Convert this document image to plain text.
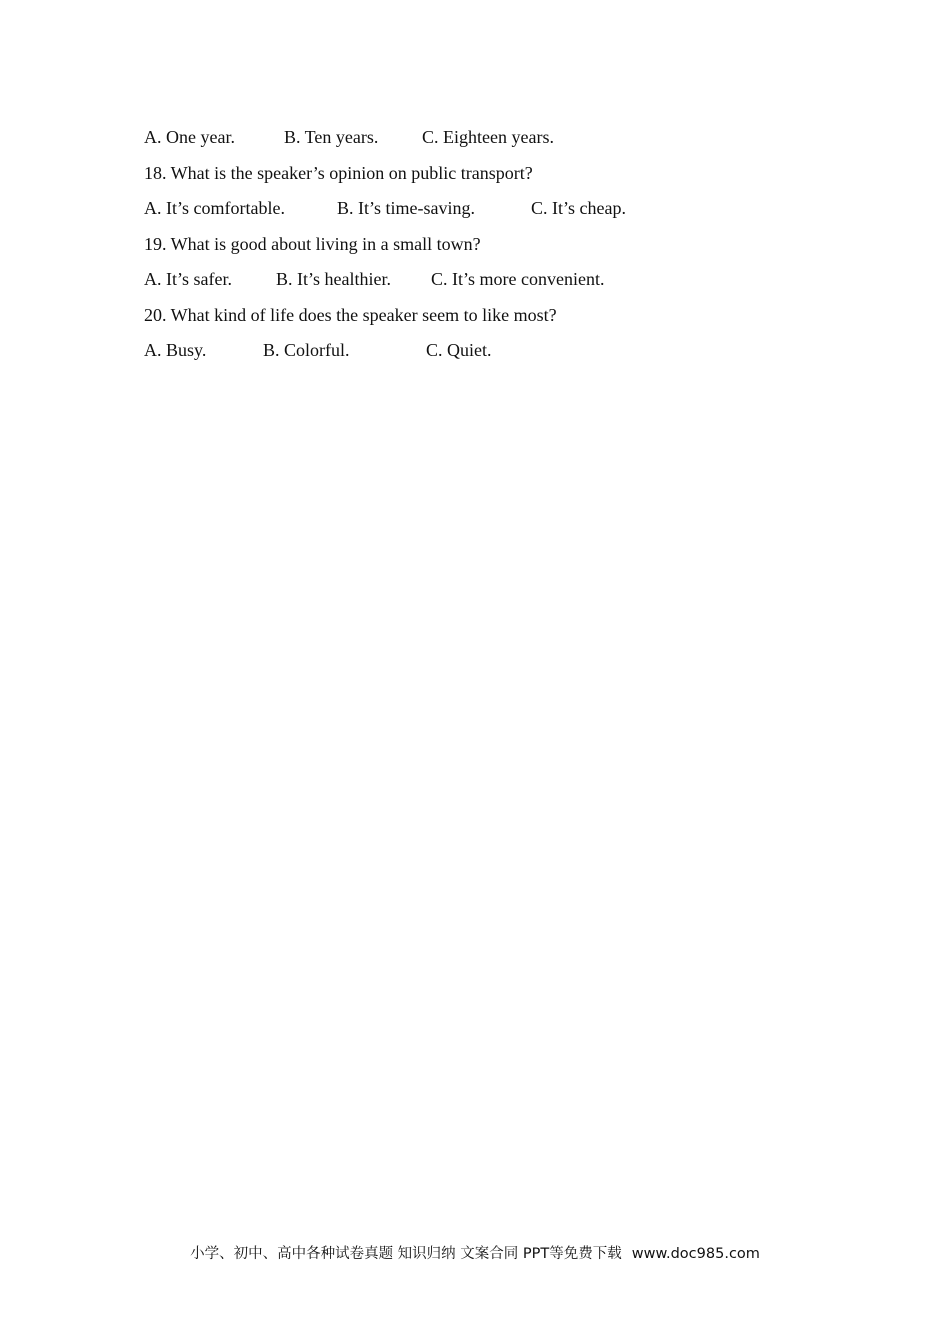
A. One year.	B. Ten years. C. Eighteen years.
18. What is the speaker’s opinion on public transport?
A. It’s comfortable.	B. It’s time-saving.	C. It’s cheap.
19. What is good about living in a small town?
A. It’s safer. B. It’s healthier. C. It’s more convenient.
20. What kind of life does the speaker seem to like most?
A. Busy.	B. Colorful.	C. Quiet.
小学、初中、高中各种试卷真题 知识归纳 文案合同 PPT等免费下载 www.doc985.com
